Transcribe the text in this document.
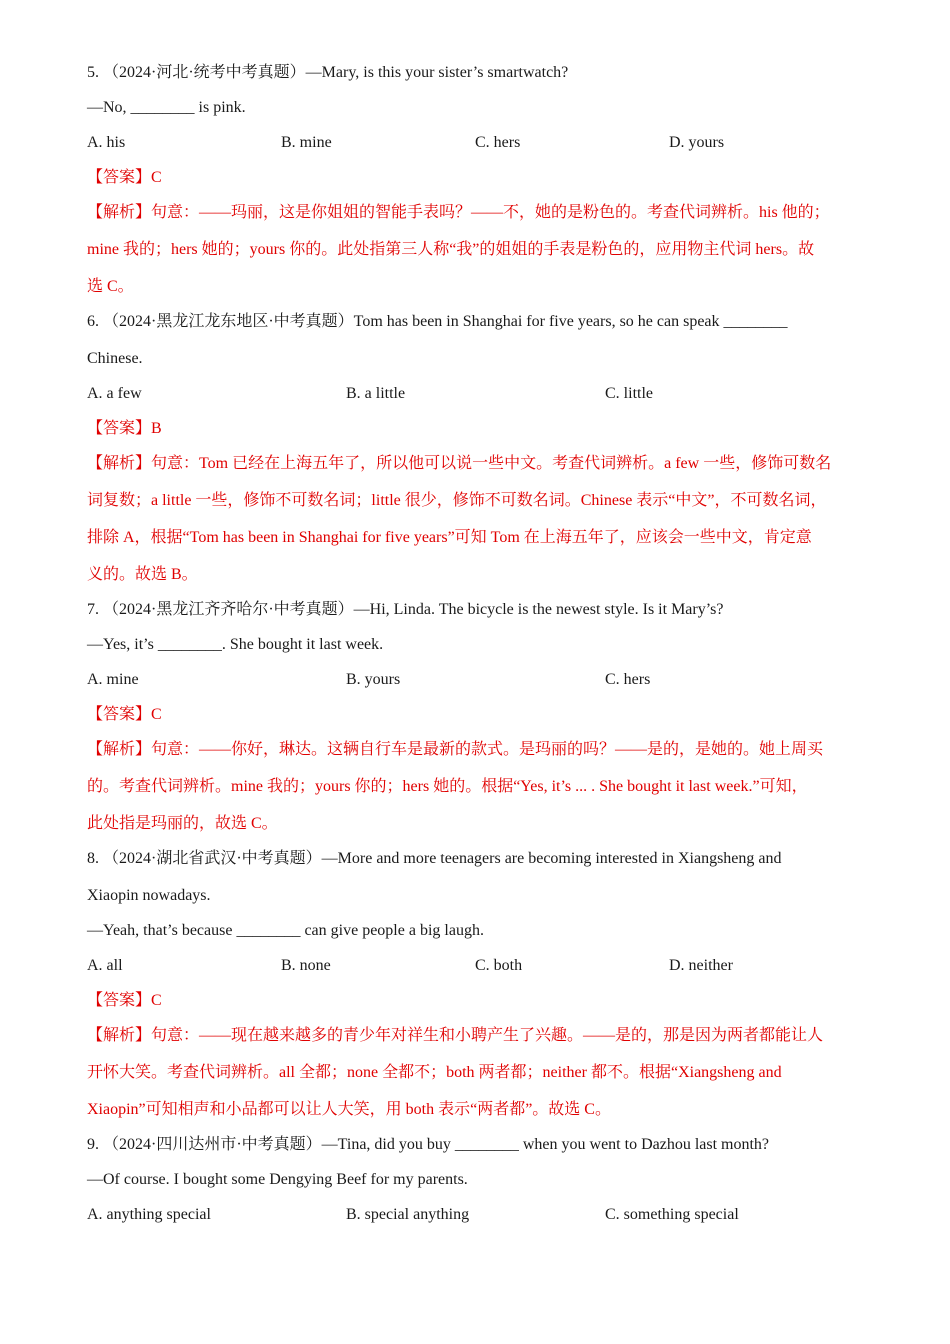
5. （2024·河北·统考中考真题）—Mary, is this your sister’s smartwatch?
—No, ________ is pink.
A. his	B. mine	C. hers	D. yours
【答案】C
【解析】句意：——玛丽，这是你姐姐的智能手表吗？——不，她的是粉色的。考查代词辨析。his 他的；
mine 我的；hers 她的；yours 你的。此处指第三人称“我”的姐姐的手表是粉色的，应用物主代词 hers。故
选 C。
6. （2024·黑龙江龙东地区·中考真题）Tom has been in Shanghai for five years, so he can speak ________
Chinese.
A. a few	B. a little	C. little
【答案】B
【解析】句意：Tom 已经在上海五年了，所以他可以说一些中文。考查代词辨析。a few 一些，修饰可数名
词复数；a little 一些，修饰不可数名词；little 很少，修饰不可数名词。Chinese 表示“中文”，不可数名词，
排除 A，根据“Tom has been in Shanghai for five years”可知 Tom 在上海五年了，应该会一些中文，肯定意
义的。故选 B。
7. （2024·黑龙江齐齐哈尔·中考真题）—Hi, Linda. The bicycle is the newest style. Is it Mary’s?
—Yes, it’s ________. She bought it last week.
A. mine	B. yours	C. hers
【答案】C
【解析】句意：——你好，琳达。这辆自行车是最新的款式。是玛丽的吗？——是的，是她的。她上周买
的。考查代词辨析。mine 我的；yours 你的；hers 她的。根据“Yes, it’s ... . She bought it last week.”可知，
此处指是玛丽的，故选 C。
8. （2024·湖北省武汉·中考真题）—More and more teenagers are becoming interested in Xiangsheng and
Xiaopin nowadays.
—Yeah, that’s because ________ can give people a big laugh.
A. all	B. none	C. both	D. neither
【答案】C
【解析】句意：——现在越来越多的青少年对祥生和小聘产生了兴趣。——是的，那是因为两者都能让人
开怀大笑。考查代词辨析。all 全都；none 全都不；both 两者都；neither 都不。根据“Xiangsheng and
Xiaopin”可知相声和小品都可以让人大笑，用 both 表示“两者都”。故选 C。
9. （2024·四川达州市·中考真题）—Tina, did you buy ________ when you went to Dazhou last month?
—Of course. I bought some Dengying Beef for my parents.
A. anything special	B. special anything	C. something special
